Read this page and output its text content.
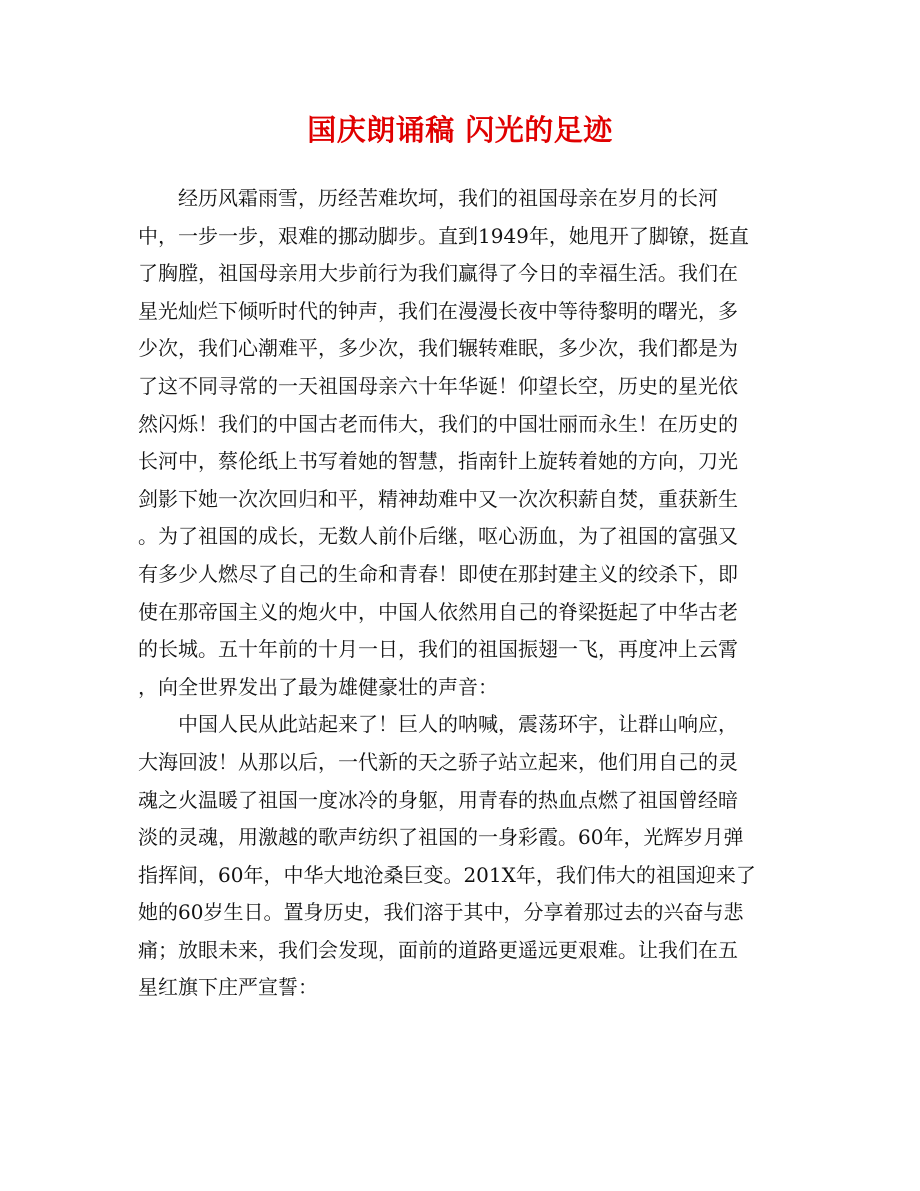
国庆朗诵稿 闪光的足迹
经历风霜雨雪，历经苦难坎坷，我们的祖国母亲在岁月的长河
中，一步一步，艰难的挪动脚步。直到1949年，她甩开了脚镣，挺直
了胸膛，祖国母亲用大步前行为我们赢得了今日的幸福生活。我们在
星光灿烂下倾听时代的钟声，我们在漫漫长夜中等待黎明的曙光，多
少次，我们心潮难平，多少次，我们辗转难眠，多少次，我们都是为
了这不同寻常的一天祖国母亲六十年华诞！仰望长空，历史的星光依
然闪烁！我们的中国古老而伟大，我们的中国壮丽而永生！在历史的
长河中，蔡伦纸上书写着她的智慧，指南针上旋转着她的方向，刀光
剑影下她一次次回归和平，精神劫难中又一次次积薪自焚，重获新生
。为了祖国的成长，无数人前仆后继，呕心沥血，为了祖国的富强又
有多少人燃尽了自己的生命和青春！即使在那封建主义的绞杀下，即
使在那帝国主义的炮火中，中国人依然用自己的脊梁挺起了中华古老
的长城。五十年前的十月一日，我们的祖国振翅一飞，再度冲上云霄
，向全世界发出了最为雄健豪壮的声音：
中国人民从此站起来了！巨人的呐喊，震荡环宇，让群山响应，
大海回波！从那以后，一代新的天之骄子站立起来，他们用自己的灵
魂之火温暖了祖国一度冰冷的身躯，用青春的热血点燃了祖国曾经暗
淡的灵魂，用激越的歌声纺织了祖国的一身彩霞。60年，光辉岁月弹
指挥间，60年，中华大地沧桑巨变。201X年，我们伟大的祖国迎来了
她的60岁生日。置身历史，我们溶于其中，分享着那过去的兴奋与悲
痛；放眼未来，我们会发现，面前的道路更遥远更艰难。让我们在五
星红旗下庄严宣誓：
